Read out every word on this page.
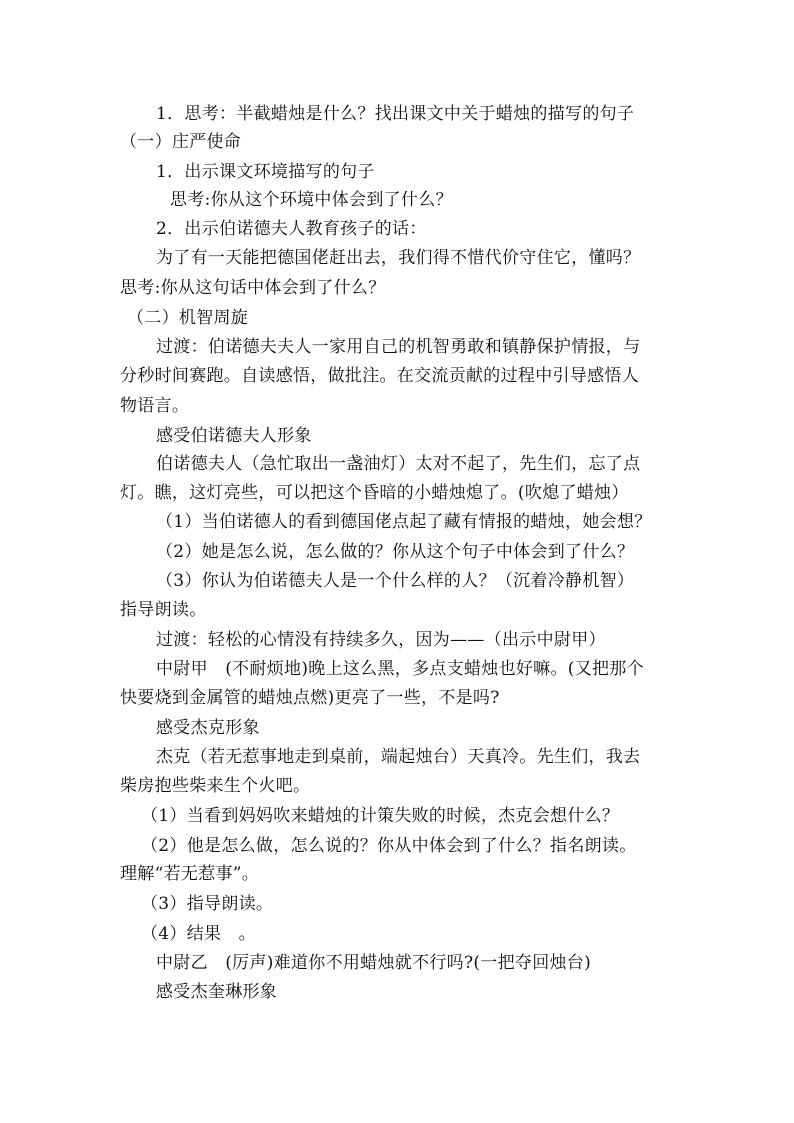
1．思考：半截蜡烛是什么？找出课文中关于蜡烛的描写的句子
（一）庄严使命
1．出示课文环境描写的句子
思考:你从这个环境中体会到了什么？
2．出示伯诺德夫人教育孩子的话：
为了有一天能把德国佬赶出去，我们得不惜代价守住它，懂吗？
思考:你从这句话中体会到了什么？
（二）机智周旋
过渡：伯诺德夫夫人一家用自己的机智勇敢和镇静保护情报，与
分秒时间赛跑。自读感悟，做批注。在交流贡献的过程中引导感悟人
物语言。
感受伯诺德夫人形象
伯诺德夫人（急忙取出一盏油灯）太对不起了，先生们，忘了点
灯。瞧，这灯亮些，可以把这个昏暗的小蜡烛熄了。(吹熄了蜡烛）
（1）当伯诺德人的看到德国佬点起了藏有情报的蜡烛，她会想？
（2）她是怎么说，怎么做的？你从这个句子中体会到了什么？
（3）你认为伯诺德夫人是一个什么样的人？（沉着冷静机智）
指导朗读。
过渡：轻松的心情没有持续多久，因为——（出示中尉甲）
中尉甲　(不耐烦地)晚上这么黑，多点支蜡烛也好嘛。(又把那个
快要烧到金属管的蜡烛点燃)更亮了一些，不是吗?
感受杰克形象
杰克（若无惹事地走到桌前，端起烛台）天真冷。先生们，我去
柴房抱些柴来生个火吧。
（1）当看到妈妈吹来蜡烛的计策失败的时候，杰克会想什么？
（2）他是怎么做，怎么说的？你从中体会到了什么？指名朗读。
理解“若无惹事”。
（3）指导朗读。
（4）结果　。
中尉乙　(厉声)难道你不用蜡烛就不行吗?(一把夺回烛台)
感受杰奎琳形象
